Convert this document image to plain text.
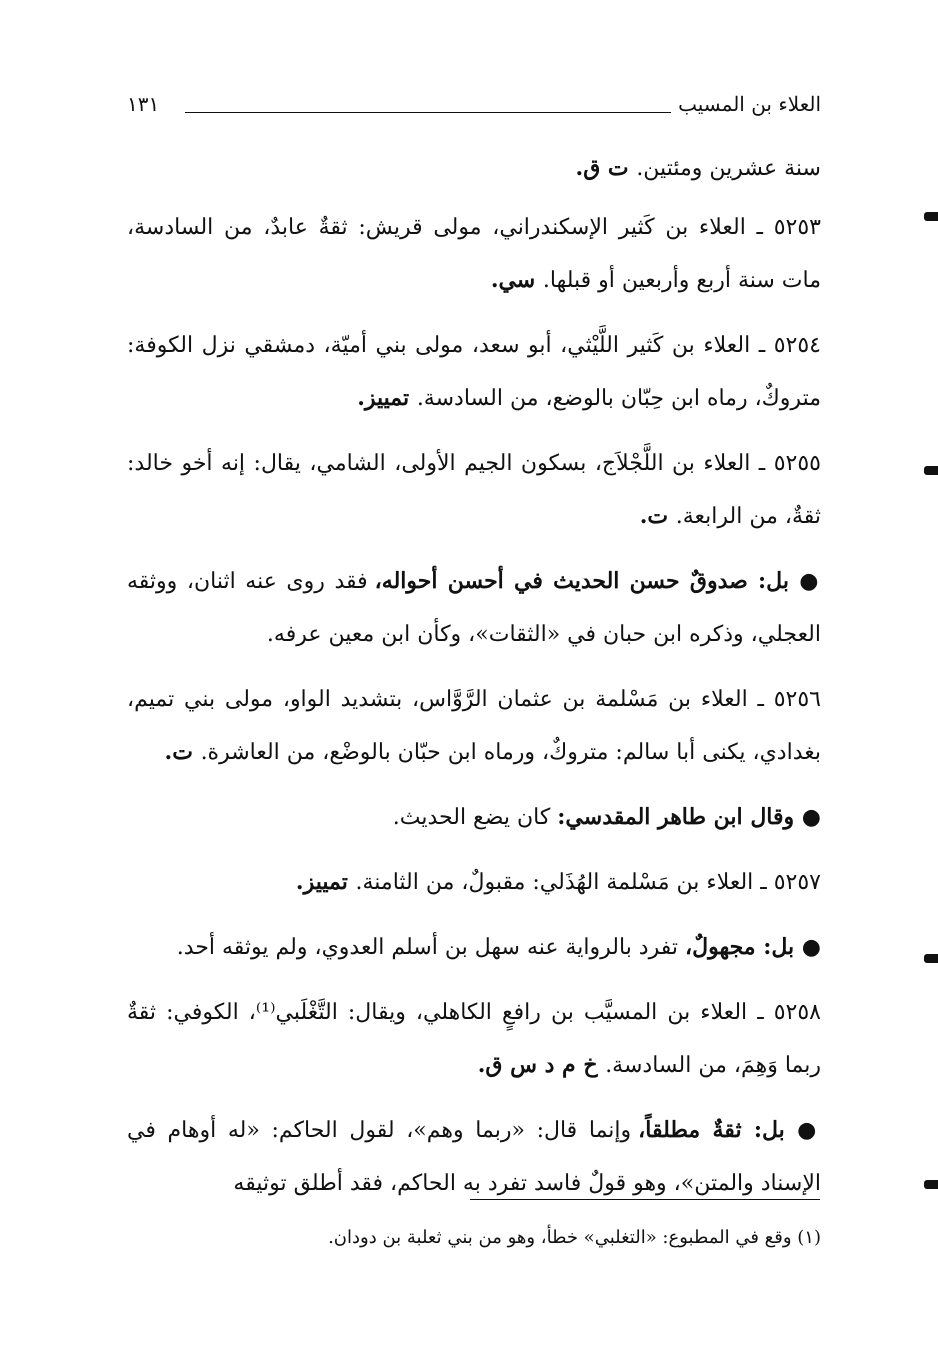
١٣١	العلاء بن المسيب

سنة عشرين ومئتين. ت ق.

٥٢٥٣ ـ العلاء بن كَثير الإسكندراني، مولى قريش: ثقةٌ عابدٌ، من السادسة، مات سنة أربع وأربعين أو قبلها. سي.

٥٢٥٤ ـ العلاء بن كَثير اللَّيْثي، أبو سعد، مولى بني أميّة، دمشقي نزل الكوفة: متروكٌ، رماه ابن حِبّان بالوضع، من السادسة. تمييز.

٥٢٥٥ ـ العلاء بن اللَّجْلاَج، بسكون الجيم الأولى، الشامي، يقال: إنه أخو خالد: ثقةٌ، من الرابعة. ت.

● بل: صدوقٌ حسن الحديث في أحسن أحواله، فقد روى عنه اثنان، ووثقه العجلي، وذكره ابن حبان في «الثقات»، وكأن ابن معين عرفه.

٥٢٥٦ ـ العلاء بن مَسْلمة بن عثمان الرَّوَّاس، بتشديد الواو، مولى بني تميم، بغدادي، يكنى أبا سالم: متروكٌ، ورماه ابن حبّان بالوضْع، من العاشرة. ت.

● وقال ابن طاهر المقدسي: كان يضع الحديث.

٥٢٥٧ ـ العلاء بن مَسْلمة الهُذَلي: مقبولٌ، من الثامنة. تمييز.

● بل: مجهولٌ، تفرد بالرواية عنه سهل بن أسلم العدوي، ولم يوثقه أحد.

٥٢٥٨ ـ العلاء بن المسيَّب بن رافعٍ الكاهلي، ويقال: التَّغْلَبي⁽¹⁾، الكوفي: ثقةٌ ربما وَهِمَ، من السادسة. خ م د س ق.

● بل: ثقةٌ مطلقاً، وإنما قال: «ربما وهم»، لقول الحاكم: «له أوهام في الإسناد والمتن»، وهو قولٌ فاسد تفرد به الحاكم، فقد أطلق توثيقه

(١) وقع في المطبوع: «التغلبي» خطأ، وهو من بني ثعلبة بن دودان.
